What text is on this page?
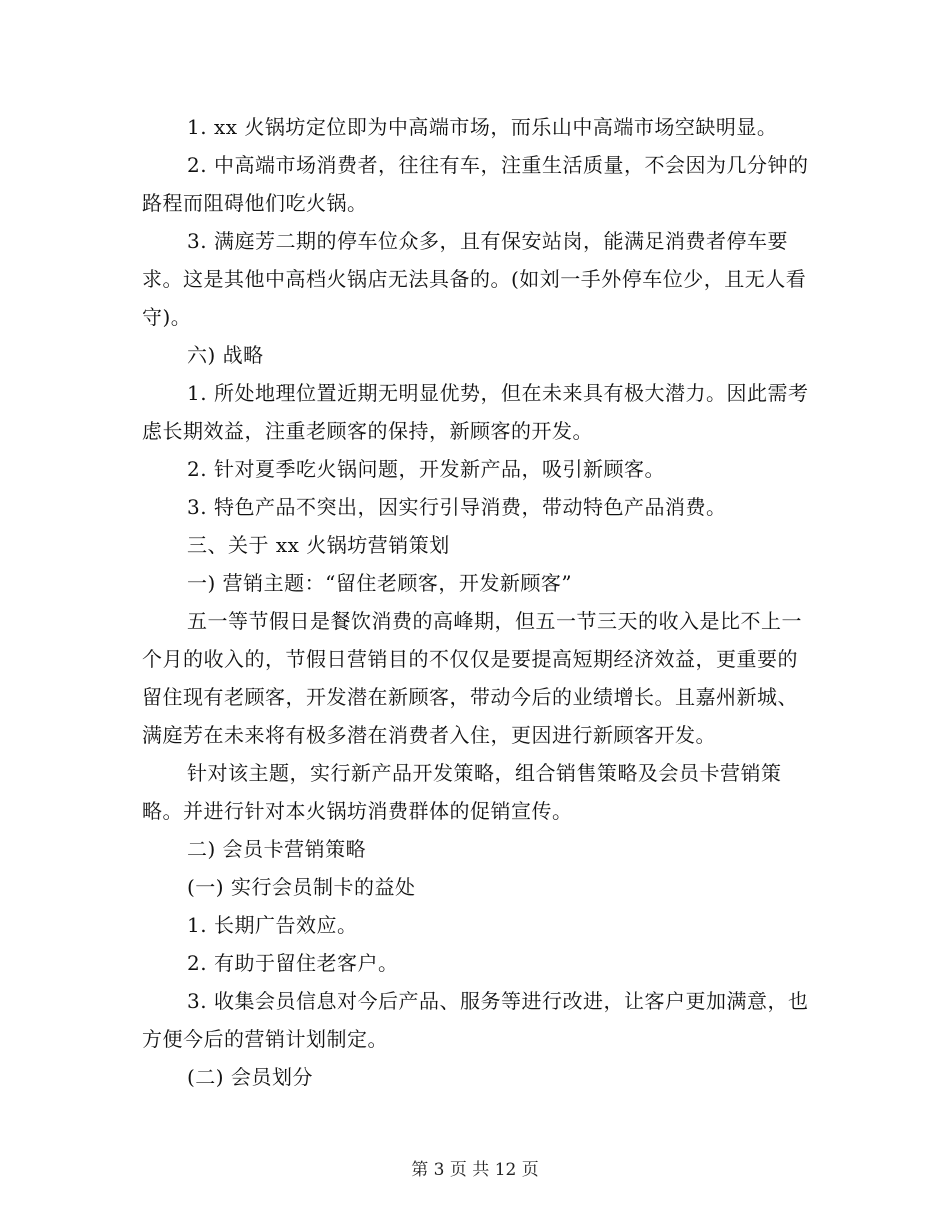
1. xx 火锅坊定位即为中高端市场，而乐山中高端市场空缺明显。

2. 中高端市场消费者，往往有车，注重生活质量，不会因为几分钟的路程而阻碍他们吃火锅。

3. 满庭芳二期的停车位众多，且有保安站岗，能满足消费者停车要求。这是其他中高档火锅店无法具备的。(如刘一手外停车位少，且无人看守)。

六) 战略

1. 所处地理位置近期无明显优势，但在未来具有极大潜力。因此需考虑长期效益，注重老顾客的保持，新顾客的开发。

2. 针对夏季吃火锅问题，开发新产品，吸引新顾客。

3. 特色产品不突出，因实行引导消费，带动特色产品消费。

三、关于 xx 火锅坊营销策划

一) 营销主题：“留住老顾客，开发新顾客”

五一等节假日是餐饮消费的高峰期，但五一节三天的收入是比不上一个月的收入的，节假日营销目的不仅仅是要提高短期经济效益，更重要的留住现有老顾客，开发潜在新顾客，带动今后的业绩增长。且嘉州新城、满庭芳在未来将有极多潜在消费者入住，更因进行新顾客开发。

针对该主题，实行新产品开发策略，组合销售策略及会员卡营销策略。并进行针对本火锅坊消费群体的促销宣传。

二) 会员卡营销策略

(一) 实行会员制卡的益处

1. 长期广告效应。

2. 有助于留住老客户。

3. 收集会员信息对今后产品、服务等进行改进，让客户更加满意，也方便今后的营销计划制定。

(二) 会员划分

第 3 页 共 12 页
